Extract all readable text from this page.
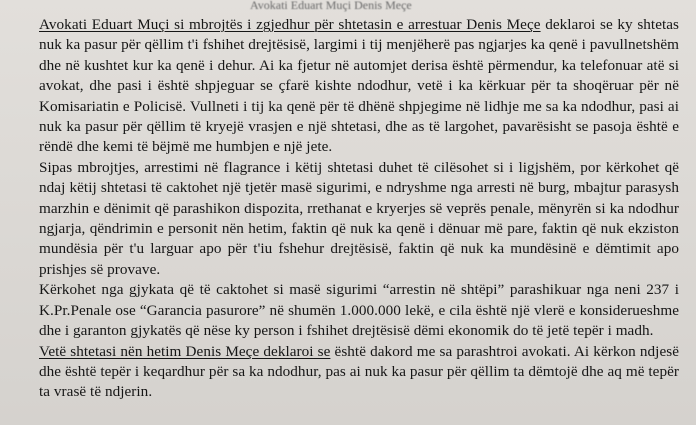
Avokati Eduart Muçi Denis Meçe

Avokati Eduart Muçi si mbrojtës i zgjedhur për shtetasin e arrestuar Denis Meçe deklaroi se ky shtetas nuk ka pasur për qëllim t'i fshihet drejtësisë, largimi i tij menjëherë pas ngjarjes ka qenë i pavullnetshëm dhe në kushtet kur ka qenë i dehur. Ai ka fjetur në automjet derisa është përmendur, ka telefonuar atë si avokat, dhe pasi i është shpjeguar se çfarë kishte ndodhur, vetë i ka kërkuar për ta shoqëruar për në Komisariatin e Policisë. Vullneti i tij ka qenë për të dhënë shpjegime në lidhje me sa ka ndodhur, pasi ai nuk ka pasur për qëllim të kryejë vrasjen e një shtetasi, dhe as të largohet, pavarësisht se pasoja është e rëndë dhe kemi të bëjmë me humbjen e një jete.

Sipas mbrojtjes, arrestimi në flagrance i këtij shtetasi duhet të cilësohet si i ligjshëm, por kërkohet që ndaj këtij shtetasi të caktohet një tjetër masë sigurimi, e ndryshme nga arresti në burg, mbajtur parasysh marzhin e dënimit që parashikon dispozita, rrethanat e kryerjes së veprës penale, mënyrën si ka ndodhur ngjarja, qëndrimin e personit nën hetim, faktin që nuk ka qenë i dënuar më pare, faktin që nuk ekziston mundësia për t'u larguar apo për t'iu fshehur drejtësisë, faktin që nuk ka mundësinë e dëmtimit apo prishjes së provave.

Kërkohet nga gjykata që të caktohet si masë sigurimi “arrestin në shtëpi” parashikuar nga neni 237 i K.Pr.Penale ose “Garancia pasurore” në shumën 1.000.000 lekë, e cila është një vlerë e konsiderueshme dhe i garanton gjykatës që nëse ky person i fshihet drejtësisë dëmi ekonomik do të jetë tepër i madh.

Vetë shtetasi nën hetim Denis Meçe deklaroi se është dakord me sa parashtroi avokati. Ai kërkon ndjesë dhe është tepër i keqardhur për sa ka ndodhur, pas ai nuk ka pasur për qëllim ta dëmtojë dhe aq më tepër ta vrasë të ndjerin.
